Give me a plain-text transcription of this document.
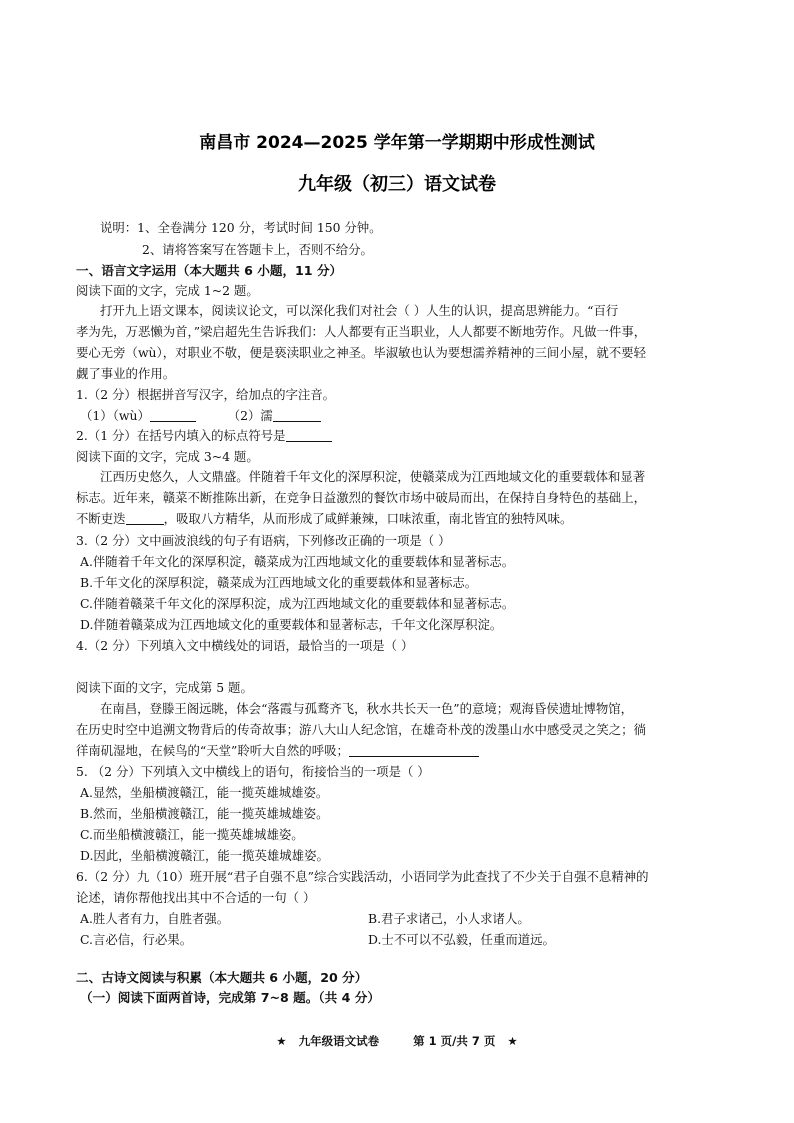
南昌市 2024—2025 学年第一学期期中形成性测试
九年级（初三）语文试卷
说明：1、全卷满分 120 分，考试时间 150 分钟。
2、请将答案写在答题卡上，否则不给分。
一、语言文字运用（本大题共 6 小题，11 分）
阅读下面的文字，完成 1~2 题。
打开九上语文课本，阅读议论文，可以深化我们对社会（ ）人生的认识，提高思辨能力。“百行
孝为先，万恶懒为首，”梁启超先生告诉我们：人人都要有正当职业，人人都要不断地劳作。凡做一件事，
要心无旁（wù），对职业不敬，便是亵渎职业之神圣。毕淑敏也认为要想濡养精神的三间小屋，就不要轻
觑了事业的作用。
1.（2 分）根据拼音写汉字，给加点的字注音。
（1）（wù）	（2）濡
2.（1 分）在括号内填入的标点符号是
阅读下面的文字，完成 3~4 题。
江西历史悠久，人文鼎盛。伴随着千年文化的深厚积淀，使赣菜成为江西地域文化的重要载体和显著
标志。近年来，赣菜不断推陈出新，在竞争日益激烈的餐饮市场中破局而出，在保持自身特色的基础上，
不断吏迭	，吸取八方精华，从而形成了咸鲜兼辣，口味浓重，南北皆宜的独特风味。
3.（2 分）文中画波浪线的句子有语病，下列修改正确的一项是（ ）
A.伴随着千年文化的深厚积淀，赣菜成为江西地域文化的重要载体和显著标志。
B.千年文化的深厚积淀，赣菜成为江西地域文化的重要载体和显著标志。
C.伴随着赣菜千年文化的深厚积淀，成为江西地域文化的重要载体和显著标志。
D.伴随着赣菜成为江西地域文化的重要载体和显著标志，千年文化深厚积淀。
4.（2 分）下列填入文中横线处的词语，最恰当的一项是（ ）
阅读下面的文字，完成第 5 题。
在南昌，登滕王阁远眺，体会“落霞与孤鹜齐飞，秋水共长天一色”的意境；观海昏侯遗址博物馆，
在历史时空中追溯文物背后的传奇故事；游八大山人纪念馆，在雄奇朴茂的泼墨山水中感受灵之笑之；徜
徉南矶湿地，在候鸟的“天堂”聆听大自然的呼吸；
5. （2 分）下列填入文中横线上的语句，衔接恰当的一项是（ ）
A.显然，坐船横渡赣江，能一揽英雄城雄姿。
B.然而，坐船横渡赣江，能一揽英雄城雄姿。
C.而坐船横渡赣江，能一揽英雄城雄姿。
D.因此，坐船横渡赣江，能一揽英雄城雄姿。
6.（2 分）九（10）班开展“君子自强不息”综合实践活动，小语同学为此查找了不少关于自强不息精神的
论述，请你帮他找出其中不合适的一句（ ）
A.胜人者有力，自胜者强。	B.君子求诸己，小人求诸人。
C.言必信，行必果。	D.士不可以不弘毅，任重而道远。
二、古诗文阅读与积累（本大题共 6 小题，20 分）
（一）阅读下面两首诗，完成第 7~8 题。（共 4 分）
★ 九年级语文试卷	第 1 页/共 7 页 ★
